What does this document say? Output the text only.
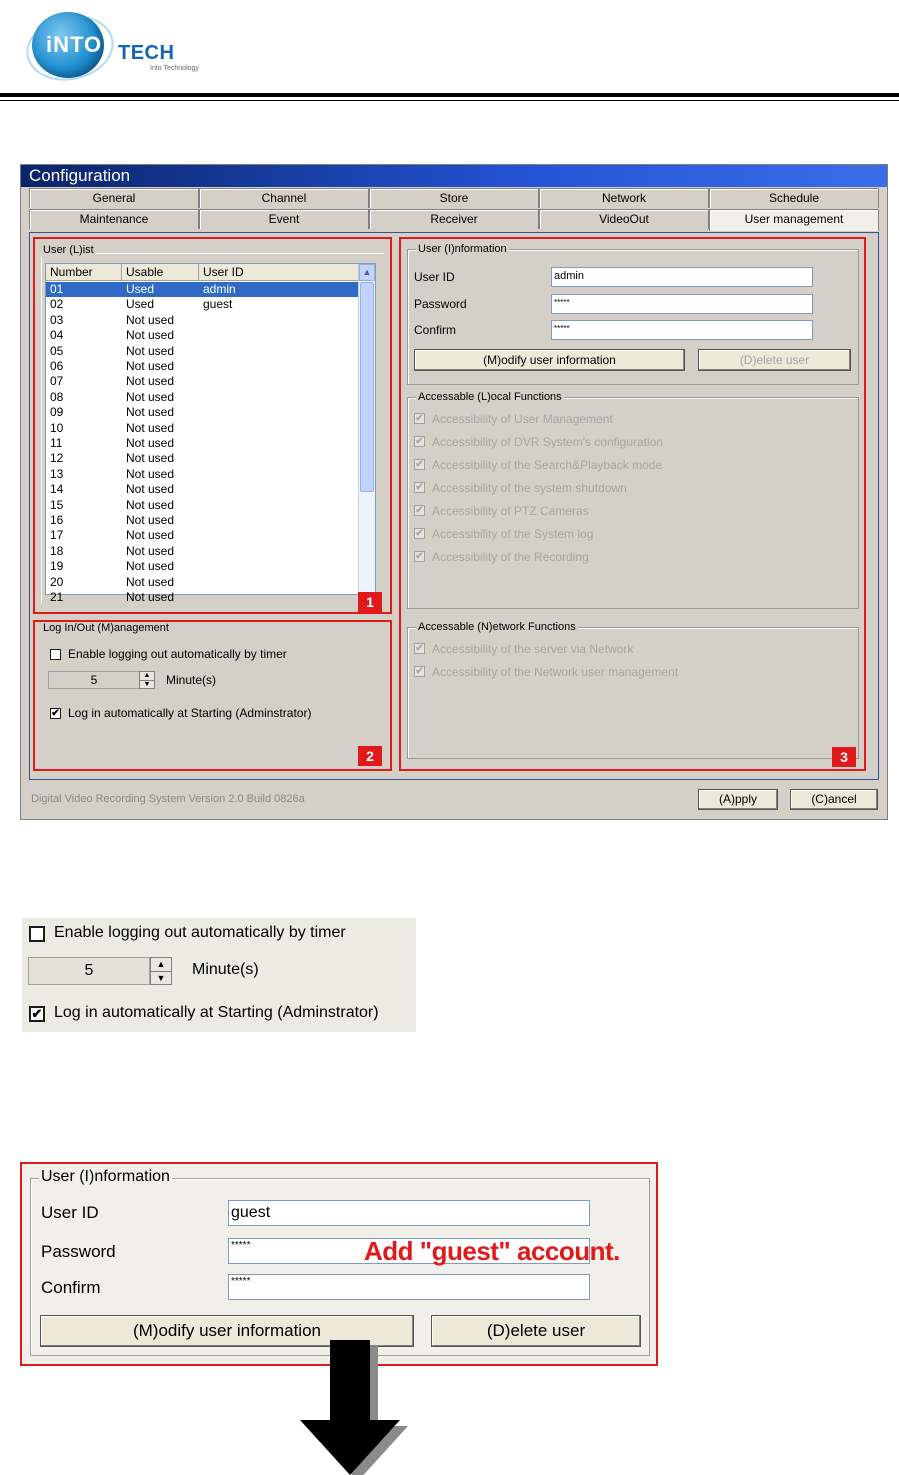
iNTO TECH
Into Technology
Configuration
General	Channel	Store	Network	Schedule
Maintenance	Event	Receiver	VideoOut	User management
User (L)ist
Number	Usable	User ID
01	Used	admin
02	Used	guest
03	Not used
04	Not used
05	Not used
06	Not used
07	Not used
08	Not used
09	Not used
10	Not used
11	Not used
12	Not used
13	Not used
14	Not used
15	Not used
16	Not used
17	Not used
18	Not used
19	Not used
20	Not used
21	Not used
▲
1
Log In/Out (M)anagement
Enable logging out automatically by timer
5	▲
▼ Minute(s)
✔ Log in automatically at Starting (Adminstrator)
2
User (I)nformation
User ID	admin
Password	*****
Confirm	*****
(M)odify user information	(D)elete user
Accessable (L)ocal Functions
✔ Accessibility of User Management
✔ Accessibility of DVR System's configuration
✔ Accessibility of the Search&Playback mode
✔ Accessibility of the system shutdown
✔ Accessibility of PTZ Cameras
✔ Accessibility of the System log
✔ Accessibility of the Recording
Accessable (N)etwork Functions
✔ Accessibility of the server via Network
✔ Accessibility of the Network user management
3
Digital Video Recording System Version 2.0 Build 0826a	(A)pply	(C)ancel
Enable logging out automatically by timer
5	▲
▼	Minute(s)
✔ Log in automatically at Starting (Adminstrator)
User (I)nformation
User ID	guest
Password	*****
Confirm	*****
(M)odify user information	(D)elete user
Add "guest" account.
